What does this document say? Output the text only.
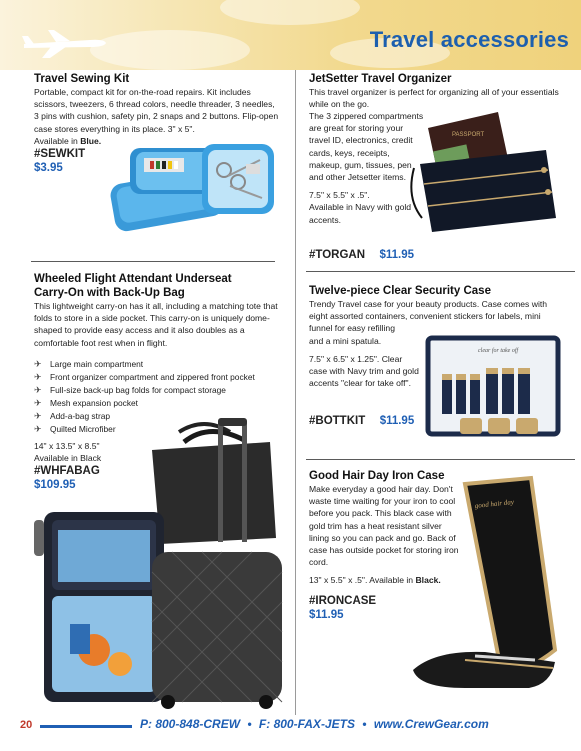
Travel accessories
Travel Sewing Kit
Portable, compact kit for on-the-road repairs. Kit includes scissors, tweezers, 6 thread colors, needle threader, 3 needles, 3 pins with cushion, safety pin, 2 snaps and 2 buttons. Flip-open case stores everything in its place. 3" x 5".
Available in Blue.
#SEWKIT
$3.95
Wheeled Flight Attendant Underseat
Carry-On with Back-Up Bag
This lightweight carry-on has it all, including a matching tote that folds to store in a side pocket. This carry-on is uniquely dome-shaped to provide easy access and it also doubles as a comfortable foot rest when in flight.
✈ Large main compartment
✈ Front organizer compartment and zippered front pocket
✈ Full-size back-up bag folds for compact storage
✈ Mesh expansion pocket
✈ Add-a-bag strap
✈ Quilted Microfiber
14" x 13.5" x 8.5"
Available in Black
#WHFABAG
$109.95
JetSetter Travel Organizer
This travel organizer is perfect for organizing all of your essentials while on the go.
The 3 zippered compartments are great for storing your travel ID, electronics, credit cards, keys, receipts, makeup, gum, tissues, pen and other Jetsetter items.
7.5" x 5.5" x .5".
Available in Navy with gold accents.
#TORGAN $11.95
PASSPORT
Twelve-piece Clear Security Case
Trendy Travel case for your beauty products. Case comes with eight assorted containers, convenient stickers for labels, mini funnel for easy refilling
and a mini spatula.
7.5" x 6.5" x 1.25". Clear case with Navy trim and gold accents "clear for take off".
#BOTTKIT $11.95
clear for take off
Good Hair Day Iron Case
Make everyday a good hair day. Don't waste time waiting for your iron to cool before you pack. This black case with gold trim has a heat resistant silver lining so you can pack and go. Back of case has outside pocket for storing iron cord.
13" x 5.5" x .5". Available in Black.
#IRONCASE
$11.95
good hair day
20	P: 800-848-CREW • F: 800-FAX-JETS • www.CrewGear.com
